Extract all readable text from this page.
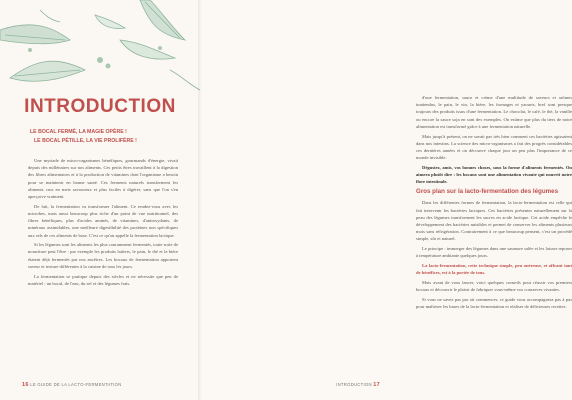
INTRODUCTION
LE BOCAL FERMÉ, LA MAGIE OPÈRE !
LE BOCAL PÉTILLE, LA VIE PROLIFÈRE !

Une myriade de micro-organismes bénéfiques, gourmands d'énergie, vivait depuis des millénaires sur nos aliments. Ces petits êtres travaillent à la digestion des fibres alimentaires et à la production de vitamines dont l'organisme a besoin pour se maintenir en bonne santé. Ces ferments naturels transforment les aliments crus en mets savoureux et plus faciles à digérer, sans que l'on s'en aperçoive vraiment.

De fait, la fermentation va transformer l'aliment. Ce rendez-vous avec les microbes, mais aussi beaucoup plus riche d'un point de vue nutritionnel, des fibres bénéfiques, plus d'acides aminés, de vitamines, d'antioxydants, de minéraux assimilables, une meilleure digestibilité des protéines non spécifiques aux sels de ces aliments de base. C'est ce qu'on appelle la fermentation lactique.

Si les légumes sont les aliments les plus couramment fermentés, toute sorte de nourriture peut l'être : par exemple les produits laitiers, le pain, le thé et la bière étaient déjà fermentés par nos ancêtres. Les bocaux de fermentation apportent saveur et texture différentes à la cuisine de tous les jours.

La fermentation se pratique depuis des siècles et ne nécessite que peu de matériel : un bocal, de l'eau, du sel et des légumes frais.

16 LE GUIDE DE LA LACTO-FERMENTATION

d'une fermentation, sauce et crème d'une multitude de saveurs et arômes inattendus, le pain, le vin, la bière, les fromages et yaourts, bref sont presque toujours des produits issus d'une fermentation. Le chocolat, le café, le thé, la vanille ou encore la sauce soja en sont des exemples. On estime que plus du tiers de notre alimentation est transformé grâce à une fermentation naturelle.

Mais jusqu'à présent, on ne savait pas très bien comment ces bactéries agissaient dans nos intestins. La science des micro-organismes a fait des progrès considérables ces dernières années et on découvre chaque jour un peu plus l'importance de ce monde invisible.

Dégustez, amis, vos bonnes choses, sous la forme d'aliments fermentés. On aimera plutôt dire : les bocaux sont une alimentation vivante qui nourrit notre flore intestinale.

Gros plan sur la lacto-fermentation des légumes

Dans les différentes formes de fermentation, la lacto-fermentation est celle qui fait intervenir les bactéries lactiques. Ces bactéries présentes naturellement sur la peau des légumes transforment les sucres en acide lactique. Cet acide empêche le développement des bactéries nuisibles et permet de conserver les aliments plusieurs mois sans réfrigération. Contrairement à ce que beaucoup pensent, c'est un procédé simple, sûr et naturel.

Le principe : immerger des légumes dans une saumure salée et les laisser reposer à température ambiante quelques jours.

La lacto-fermentation, cette technique simple, peu onéreuse, et offrant tant de bénéfices, est à la portée de tous.

Mais avant de vous lancer, voici quelques conseils pour réussir vos premiers bocaux et découvrir le plaisir de fabriquer vous-même vos conserves vivantes.

Si vous ne savez pas par où commencer, ce guide vous accompagnera pas à pas pour maîtriser les bases de la lacto-fermentation et réaliser de délicieuses recettes.

INTRODUCTION 17
